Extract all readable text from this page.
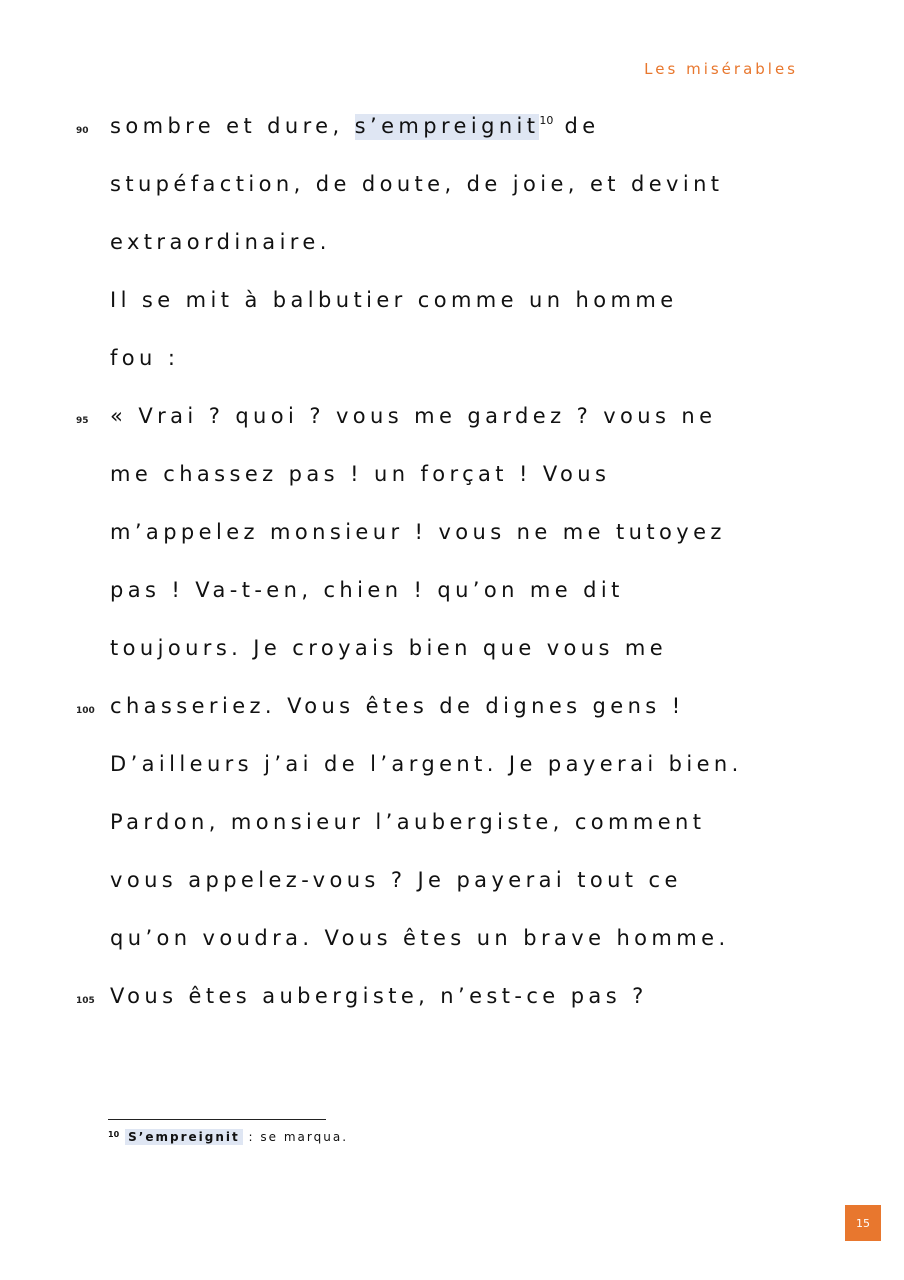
Les misérables
90	sombre et dure, s’empreignit$^{10}$ de
stupéfaction, de doute, de joie, et devint
extraordinaire.
Il se mit à balbutier comme un homme
fou :
95	« Vrai ? quoi ? vous me gardez ? vous ne
me chassez pas ! un forçat ! Vous
m’appelez monsieur ! vous ne me tutoyez
pas ! Va-t-en, chien ! qu’on me dit
toujours. Je croyais bien que vous me
100 chasseriez. Vous êtes de dignes gens !
D’ailleurs j’ai de l’argent. Je payerai bien.
Pardon, monsieur l’aubergiste, comment
vous appelez-vous ? Je payerai tout ce
qu’on voudra. Vous êtes un brave homme.
105 Vous êtes aubergiste, n’est-ce pas ?
$^{10}$ S’empreignit : se marqua.
15
